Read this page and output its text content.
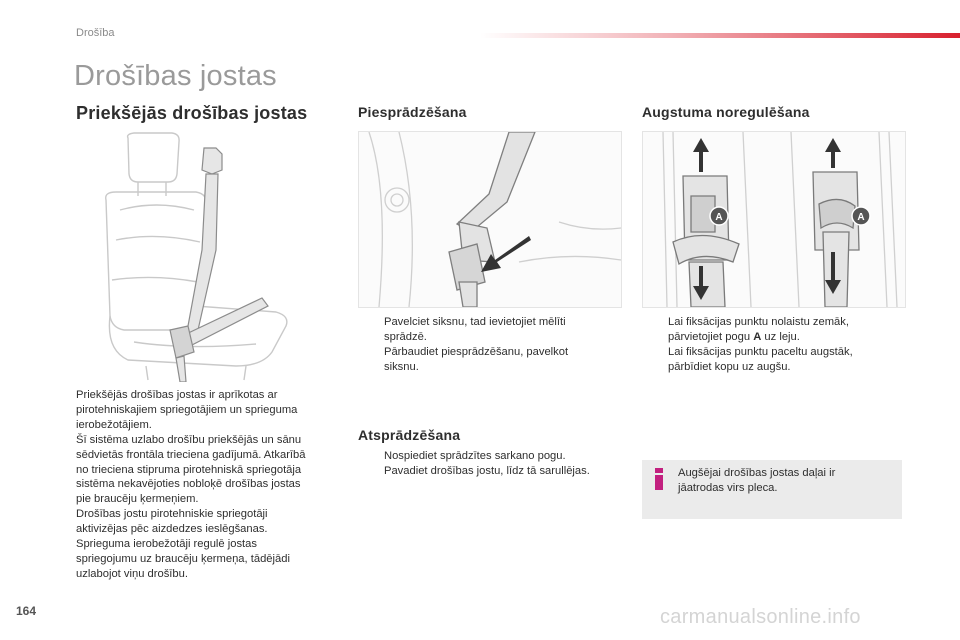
Drošība
Drošības jostas
Priekšējās drošības jostas
Priekšējās drošības jostas ir aprīkotas ar
pirotehniskajiem spriegotājiem un sprieguma
ierobežotājiem.
Šī sistēma uzlabo drošību priekšējās un sānu
sēdvietās frontāla trieciena gadījumā. Atkarībā
no trieciena stipruma pirotehniskā spriegotāja
sistēma nekavējoties nobloķē drošības jostas
pie braucēju ķermeņiem.
Drošības jostu pirotehniskie spriegotāji
aktivizējas pēc aizdedzes ieslēgšanas.
Sprieguma ierobežotāji regulē jostas
spriegojumu uz braucēju ķermeņa, tādējādi
uzlabojot viņu drošību.
Piesprādzēšana
Pavelciet siksnu, tad ievietojiet mēlīti
sprādzē.
Pārbaudiet piesprādzēšanu, pavelkot
siksnu.
Atsprādzēšana
Nospiediet sprādzītes sarkano pogu.
Pavadiet drošības jostu, līdz tā sarullējas.
Augstuma noregulēšana
A	A
Lai fiksācijas punktu nolaistu zemāk,
pārvietojiet pogu A uz leju.
Lai fiksācijas punktu paceltu augstāk,
pārbīdiet kopu uz augšu.
Augšējai drošības jostas daļai ir
jāatrodas virs pleca.
164	carmanualsonline.info
